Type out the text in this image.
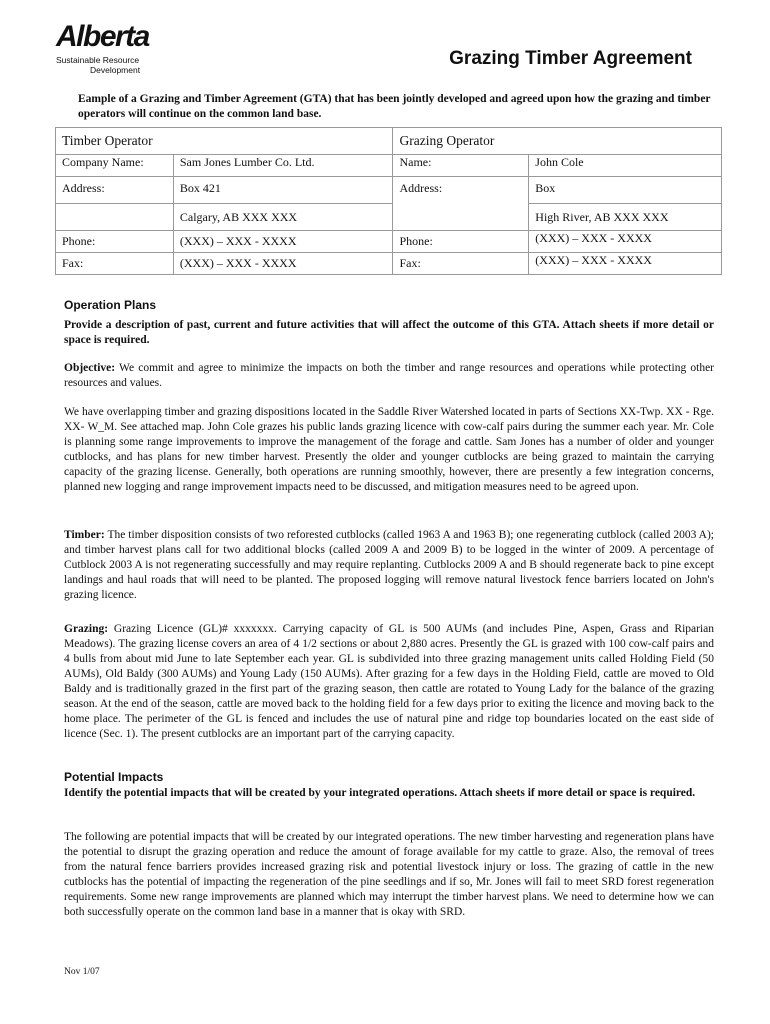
Alberta
Sustainable Resource
Development
Grazing Timber Agreement
Eample of a Grazing and Timber Agreement (GTA) that has been jointly developed and agreed upon how the grazing and timber operators will continue on the common land base.
Timber Operator		Grazing Operator	
Company Name:	Sam Jones Lumber Co. Ltd.	Name:	John Cole
Address:	Box 421	Address:	Box
	Calgary, AB XXX XXX		High River, AB XXX XXX
Phone:	(XXX) – XXX - XXXX	Phone:	(XXX) – XXX - XXXX
Fax:	(XXX) – XXX - XXXX	Fax:	(XXX) – XXX - XXXX
Operation Plans
Provide a description of past, current and future activities that will affect the outcome of this GTA. Attach sheets if more detail or space is required.
Objective: We commit and agree to minimize the impacts on both the timber and range resources and operations while protecting other resources and values.
We have overlapping timber and grazing dispositions located in the Saddle River Watershed located in parts of Sections XX-Twp. XX - Rge. XX- W_M. See attached map. John Cole grazes his public lands grazing licence with cow-calf pairs during the summer each year. Mr. Cole is planning some range improvements to improve the management of the forage and cattle. Sam Jones has a number of older and younger cutblocks, and has plans for new timber harvest. Presently the older and younger cutblocks are being grazed to maintain the carrying capacity of the grazing license. Generally, both operations are running smoothly, however, there are presently a few integration concerns, planned new logging and range improvement impacts need to be discussed, and mitigation measures need to be agreed upon.
Timber: The timber disposition consists of two reforested cutblocks (called 1963 A and 1963 B); one regenerating cutblock (called 2003 A); and timber harvest plans call for two additional blocks (called 2009 A and 2009 B) to be logged in the winter of 2009. A percentage of Cutblock 2003 A is not regenerating successfully and may require replanting. Cutblocks 2009 A and B should regenerate back to pine except landings and haul roads that will need to be planted. The proposed logging will remove natural livestock fence barriers located on John's grazing licence.
Grazing: Grazing Licence (GL)# xxxxxxx. Carrying capacity of GL is 500 AUMs (and includes Pine, Aspen, Grass and Riparian Meadows). The grazing license covers an area of 4 1/2 sections or about 2,880 acres. Presently the GL is grazed with 100 cow-calf pairs and 4 bulls from about mid June to late September each year. GL is subdivided into three grazing management units called Holding Field (50 AUMs), Old Baldy (300 AUMs) and Young Lady (150 AUMs). After grazing for a few days in the Holding Field, cattle are moved to Old Baldy and is traditionally grazed in the first part of the grazing season, then cattle are rotated to Young Lady for the balance of the grazing season. At the end of the season, cattle are moved back to the holding field for a few days prior to exiting the licence and moving back to the home place. The perimeter of the GL is fenced and includes the use of natural pine and ridge top boundaries located on the east side of licence (Sec. 1). The present cutblocks are an important part of the carrying capacity.
Potential Impacts
Identify the potential impacts that will be created by your integrated operations. Attach sheets if more detail or space is required.
The following are potential impacts that will be created by our integrated operations. The new timber harvesting and regeneration plans have the potential to disrupt the grazing operation and reduce the amount of forage available for my cattle to graze. Also, the removal of trees from the natural fence barriers provides increased grazing risk and potential livestock injury or loss. The grazing of cattle in the new cutblocks has the potential of impacting the regeneration of the pine seedlings and if so, Mr. Jones will fail to meet SRD forest regeneration requirements. Some new range improvements are planned which may interrupt the timber harvest plans. We need to determine how we can both successfully operate on the common land base in a manner that is okay with SRD.
Nov 1/07
